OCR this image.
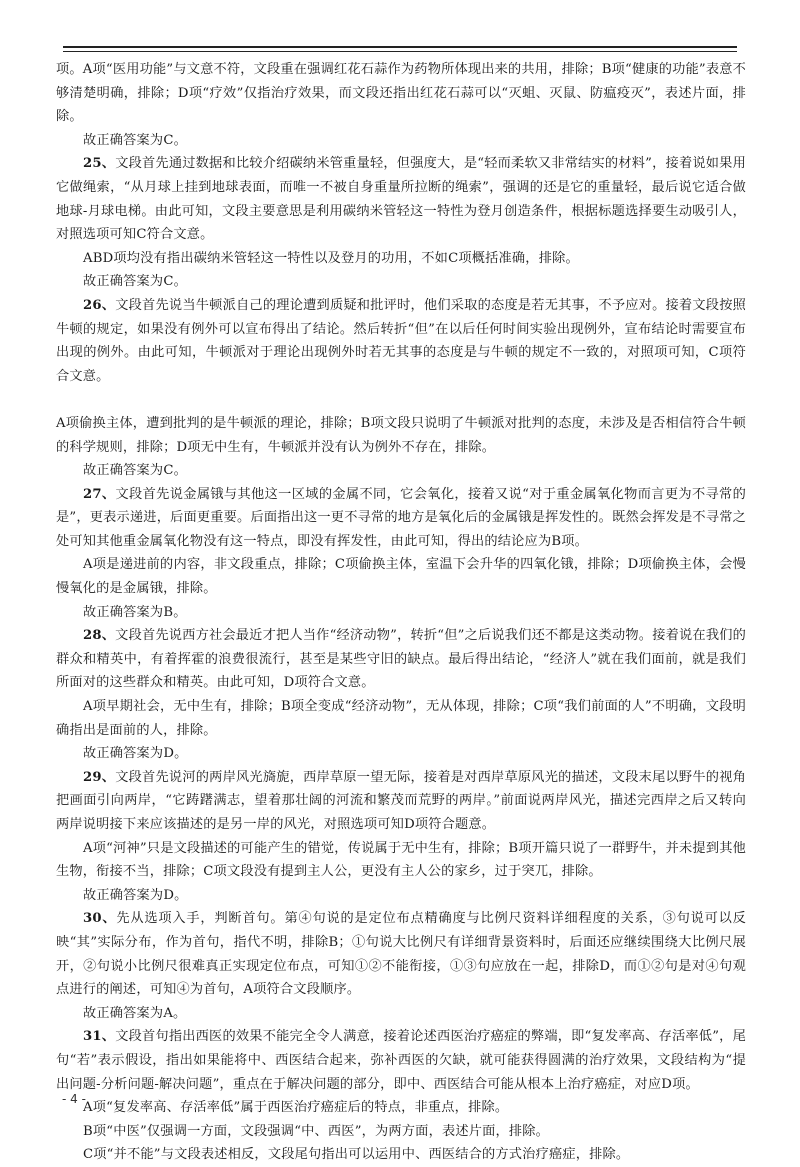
项。A项“医用功能”与文意不符，文段重在强调红花石蒜作为药物所体现出来的共用，排除；B项“健康的功能”表意不够清楚明确，排除；D项“疗效”仅指治疗效果，而文段还指出红花石蒜可以“灭蛆、灭鼠、防瘟疫灭”，表述片面，排除。

故正确答案为C。

25、文段首先通过数据和比较介绍碳纳米管重量轻，但强度大，是“轻而柔软又非常结实的材料”，接着说如果用它做绳索，“从月球上挂到地球表面，而唯一不被自身重量所拉断的绳索”，强调的还是它的重量轻，最后说它适合做地球-月球电梯。由此可知，文段主要意思是利用碳纳米管轻这一特性为登月创造条件，根据标题选择要生动吸引人，对照选项可知C符合文意。

ABD项均没有指出碳纳米管轻这一特性以及登月的功用，不如C项概括准确，排除。

故正确答案为C。

26、文段首先说当牛顿派自己的理论遭到质疑和批评时，他们采取的态度是若无其事，不予应对。接着文段按照牛顿的规定，如果没有例外可以宣布得出了结论。然后转折“但”在以后任何时间实验出现例外，宣布结论时需要宣布出现的例外。由此可知，牛顿派对于理论出现例外时若无其事的态度是与牛顿的规定不一致的，对照项可知，C项符合文意。

A项偷换主体，遭到批判的是牛顿派的理论，排除；B项文段只说明了牛顿派对批判的态度，未涉及是否相信符合牛顿的科学规则，排除；D项无中生有，牛顿派并没有认为例外不存在，排除。

故正确答案为C。

27、文段首先说金属锇与其他这一区域的金属不同，它会氧化，接着又说“对于重金属氧化物而言更为不寻常的是”，更表示递进，后面更重要。后面指出这一更不寻常的地方是氧化后的金属锇是挥发性的。既然会挥发是不寻常之处可知其他重金属氧化物没有这一特点，即没有挥发性，由此可知，得出的结论应为B项。

A项是递进前的内容，非文段重点，排除；C项偷换主体，室温下会升华的四氧化锇，排除；D项偷换主体，会慢慢氧化的是金属锇，排除。

故正确答案为B。

28、文段首先说西方社会最近才把人当作“经济动物”，转折“但”之后说我们还不都是这类动物。接着说在我们的群众和精英中，有着挥霍的浪费很流行，甚至是某些守旧的缺点。最后得出结论，“经济人”就在我们面前，就是我们所面对的这些群众和精英。由此可知，D项符合文意。

A项早期社会，无中生有，排除；B项全变成“经济动物”，无从体现，排除；C项“我们前面的人”不明确，文段明确指出是面前的人，排除。

故正确答案为D。

29、文段首先说河的两岸风光旖旎，西岸草原一望无际，接着是对西岸草原风光的描述，文段末尾以野牛的视角把画面引向两岸，“它踌躇满志，望着那壮阔的河流和繁茂而荒野的两岸。”前面说两岸风光，描述完西岸之后又转向两岸说明接下来应该描述的是另一岸的风光，对照选项可知D项符合题意。

A项“河神”只是文段描述的可能产生的错觉，传说属于无中生有，排除；B项开篇只说了一群野牛，并未提到其他生物，衔接不当，排除；C项文段没有提到主人公，更没有主人公的家乡，过于突兀，排除。

故正确答案为D。

30、先从选项入手，判断首句。第④句说的是定位布点精确度与比例尺资料详细程度的关系，③句说可以反映“其”实际分布，作为首句，指代不明，排除B；①句说大比例尺有详细背景资料时，后面还应继续围绕大比例尺展开，②句说小比例尺很难真正实现定位布点，可知①②不能衔接，①③句应放在一起，排除D，而①②句是对④句观点进行的阐述，可知④为首句，A项符合文段顺序。

故正确答案为A。

31、文段首句指出西医的效果不能完全令人满意，接着论述西医治疗癌症的弊端，即“复发率高、存活率低”，尾句“若”表示假设，指出如果能将中、西医结合起来，弥补西医的欠缺，就可能获得圆满的治疗效果，文段结构为“提出问题-分析问题-解决问题”，重点在于解决问题的部分，即中、西医结合可能从根本上治疗癌症，对应D项。

A项“复发率高、存活率低”属于西医治疗癌症后的特点，非重点，排除。

B项“中医”仅强调一方面，文段强调“中、西医”，为两方面，表述片面，排除。

C项“并不能”与文段表述相反，文段尾句指出可以运用中、西医结合的方式治疗癌症，排除。

- 4 -
